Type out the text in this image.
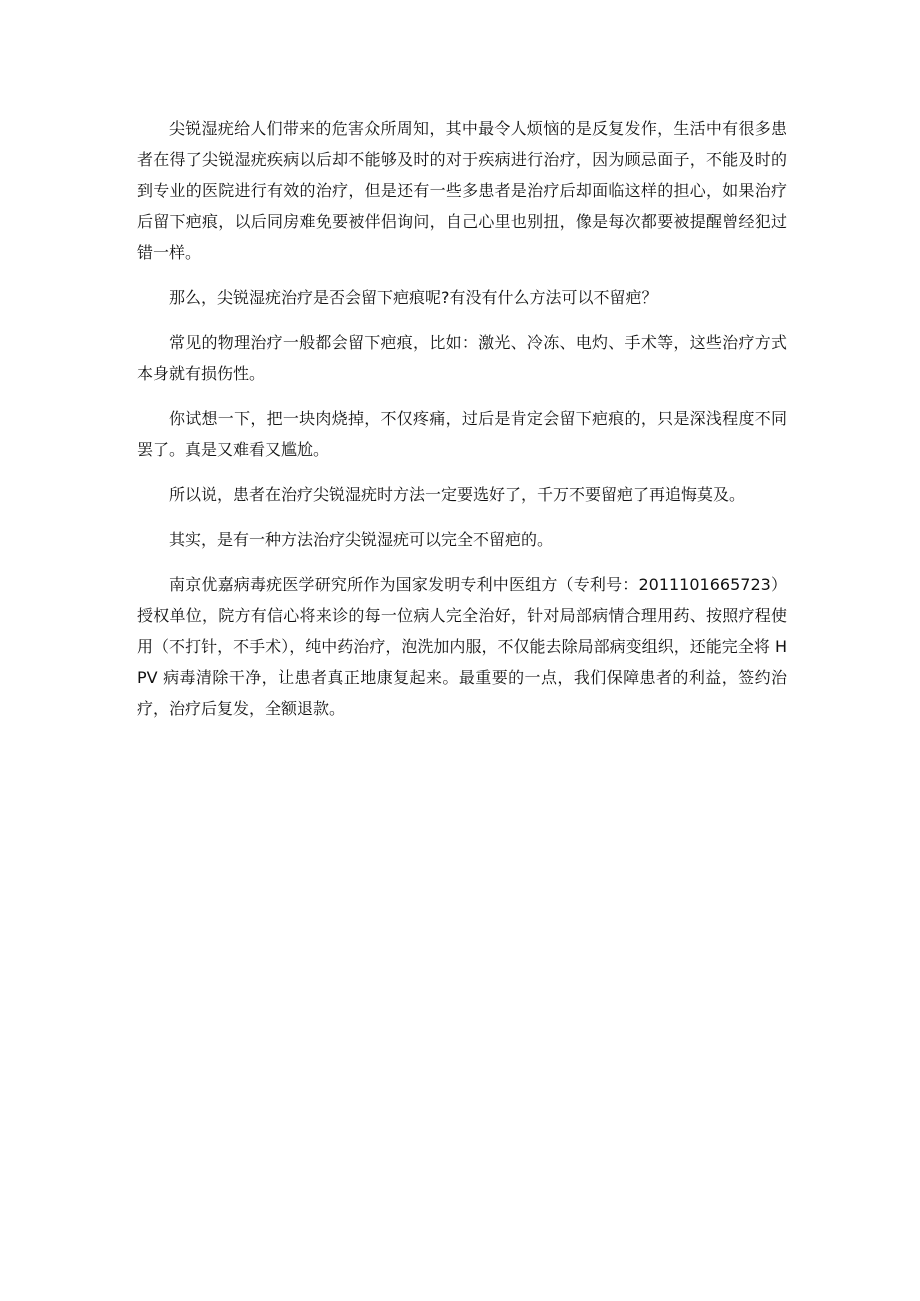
尖锐湿疣给人们带来的危害众所周知，其中最令人烦恼的是反复发作，生活中有很多患者在得了尖锐湿疣疾病以后却不能够及时的对于疾病进行治疗，因为顾忌面子，不能及时的到专业的医院进行有效的治疗，但是还有一些多患者是治疗后却面临这样的担心，如果治疗后留下疤痕，以后同房难免要被伴侣询问，自己心里也别扭，像是每次都要被提醒曾经犯过错一样。

那么，尖锐湿疣治疗是否会留下疤痕呢?有没有什么方法可以不留疤？

常见的物理治疗一般都会留下疤痕，比如：激光、冷冻、电灼、手术等，这些治疗方式本身就有损伤性。

你试想一下，把一块肉烧掉，不仅疼痛，过后是肯定会留下疤痕的，只是深浅程度不同罢了。真是又难看又尴尬。

所以说，患者在治疗尖锐湿疣时方法一定要选好了，千万不要留疤了再追悔莫及。

其实，是有一种方法治疗尖锐湿疣可以完全不留疤的。

南京优嘉病毒疣医学研究所作为国家发明专利中医组方（专利号：2011101665723）授权单位，院方有信心将来诊的每一位病人完全治好，针对局部病情合理用药、按照疗程使用（不打针，不手术），纯中药治疗，泡洗加内服，不仅能去除局部病变组织，还能完全将 HPV 病毒清除干净，让患者真正地康复起来。最重要的一点，我们保障患者的利益，签约治疗，治疗后复发，全额退款。
